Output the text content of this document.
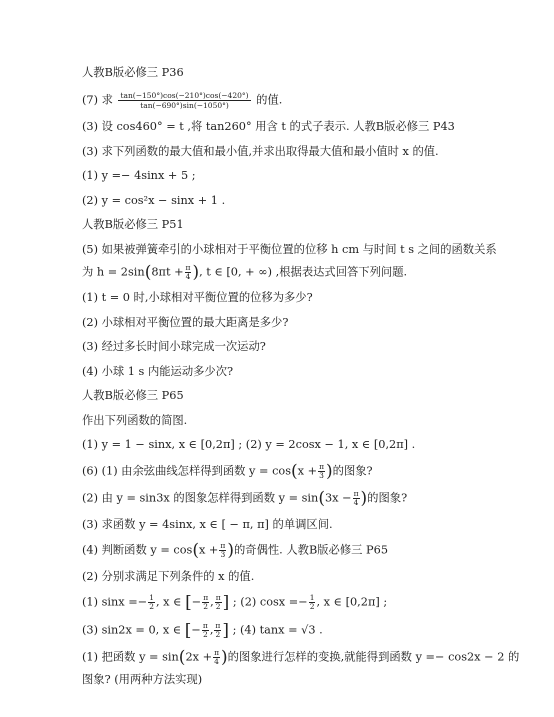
人教B版必修三 P36
(7) 求 $\frac{\tan(-150^\circ)\cos(-210^\circ)\cos(-420^\circ)}{\tan(-690^\circ)\sin(-1050^\circ)}$ 的值.
(3) 设 cos460° = t ,将 tan260° 用含 t 的式子表示. 人教B版必修三 P43
(3) 求下列函数的最大值和最小值,并求出取得最大值和最小值时 x 的值.
(1) y =− 4sinx + 5 ;
(2) y = cos²x − sinx + 1 .
人教B版必修三 P51
(5) 如果被弹簧牵引的小球相对于平衡位置的位移 h cm 与时间 t s 之间的函数关系
为 $h = 2\sin(8\pi t + \frac{\pi}{4}$ ), t ∈ [0, + ∞) ,根据表达式回答下列问题.
(1) t = 0 时,小球相对平衡位置的位移为多少?
(2) 小球相对平衡位置的最大距离是多少?
(3) 经过多长时间小球完成一次运动?
(4) 小球 1 s 内能运动多少次?
人教B版必修三 P65
作出下列函数的简图.
(1) y = 1 − sinx, x ∈ [0,2π] ; (2) y = 2cosx − 1, x ∈ [0,2π] .
(6) (1) 由余弦曲线怎样得到函数 $y = \cos(x + \frac{\pi}{3}$ )的图象?
(2) 由 y = sin3x 的图象怎样得到函数 $y = \sin(3x - \frac{\pi}{4}$ )的图象?
(3) 求函数 y = 4sinx, x ∈ [ − π, π] 的单调区间.
(4) 判断函数 $y = \cos(x + \frac{\pi}{3}$ )的奇偶性. 人教B版必修三 P65
(2) 分别求满足下列条件的 x 的值.
(1) $\sin x =- \frac{1}{2}$ , x ∈ [− $\frac{\pi}{2}$ , $\frac{\pi}{2}$ ] ; (2) $\cos x =- \frac{1}{2}$ , x ∈ [0,2π] ;
(3) sin2x = 0, x ∈ [− $\frac{\pi}{2}$ , $\frac{\pi}{2}$ ] ; (4) tanx = √3 .
(1) 把函数 $y = \sin(2x + \frac{\pi}{4}$ )的图象进行怎样的变换,就能得到函数 y =− cos2x − 2 的
图象? (用两种方法实现)
